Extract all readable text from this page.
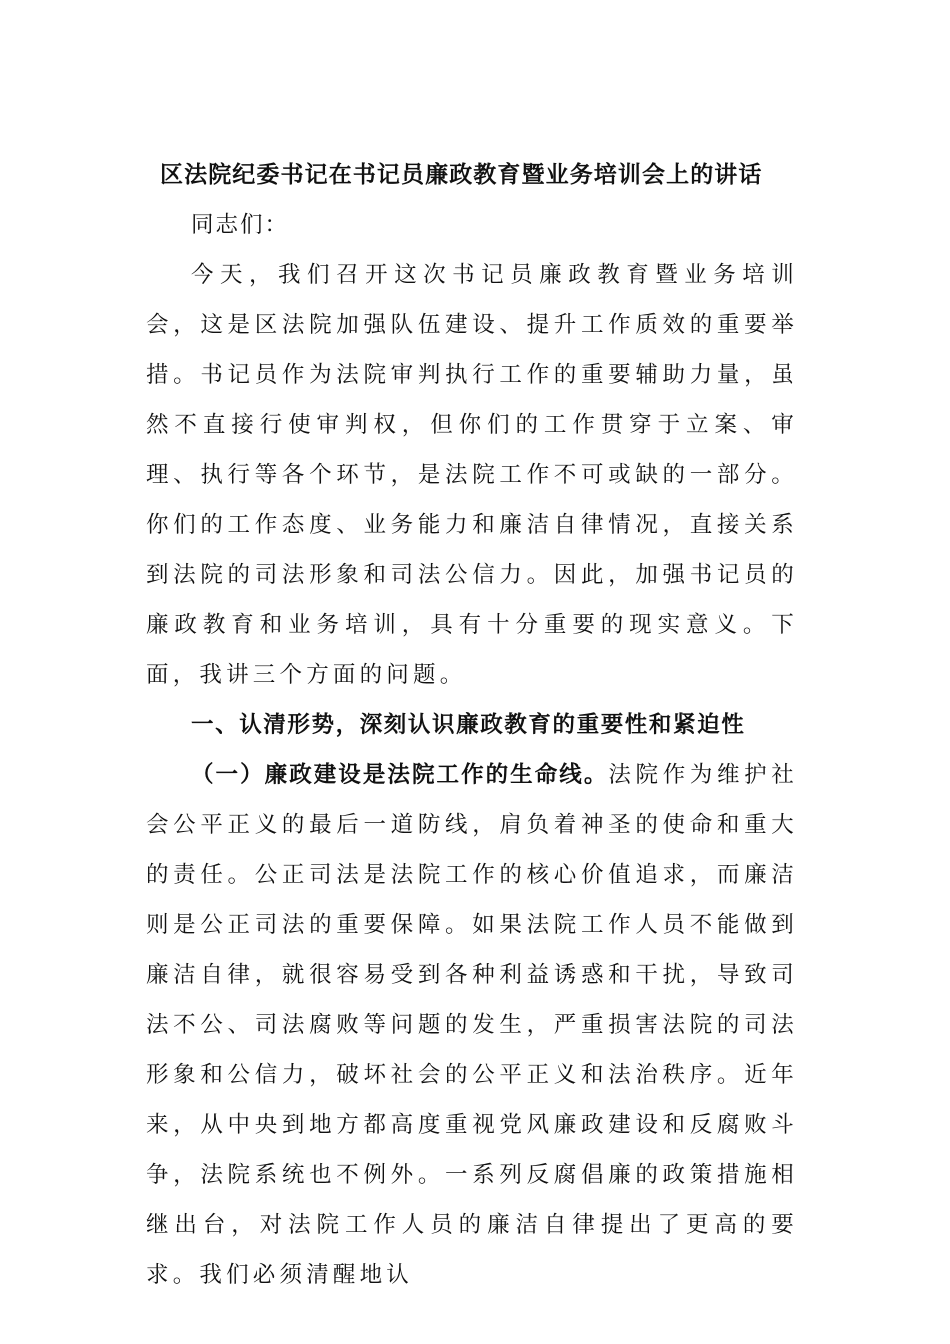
区法院纪委书记在书记员廉政教育暨业务培训会上的讲话

同志们：

今天，我们召开这次书记员廉政教育暨业务培训会，这是区法院加强队伍建设、提升工作质效的重要举措。书记员作为法院审判执行工作的重要辅助力量，虽然不直接行使审判权，但你们的工作贯穿于立案、审理、执行等各个环节，是法院工作不可或缺的一部分。你们的工作态度、业务能力和廉洁自律情况，直接关系到法院的司法形象和司法公信力。因此，加强书记员的廉政教育和业务培训，具有十分重要的现实意义。下面，我讲三个方面的问题。

一、认清形势，深刻认识廉政教育的重要性和紧迫性

（一）廉政建设是法院工作的生命线。法院作为维护社会公平正义的最后一道防线，肩负着神圣的使命和重大的责任。公正司法是法院工作的核心价值追求，而廉洁则是公正司法的重要保障。如果法院工作人员不能做到廉洁自律，就很容易受到各种利益诱惑和干扰，导致司法不公、司法腐败等问题的发生，严重损害法院的司法形象和公信力，破坏社会的公平正义和法治秩序。近年来，从中央到地方都高度重视党风廉政建设和反腐败斗争，法院系统也不例外。一系列反腐倡廉的政策措施相继出台，对法院工作人员的廉洁自律提出了更高的要求。我们必须清醒地认
